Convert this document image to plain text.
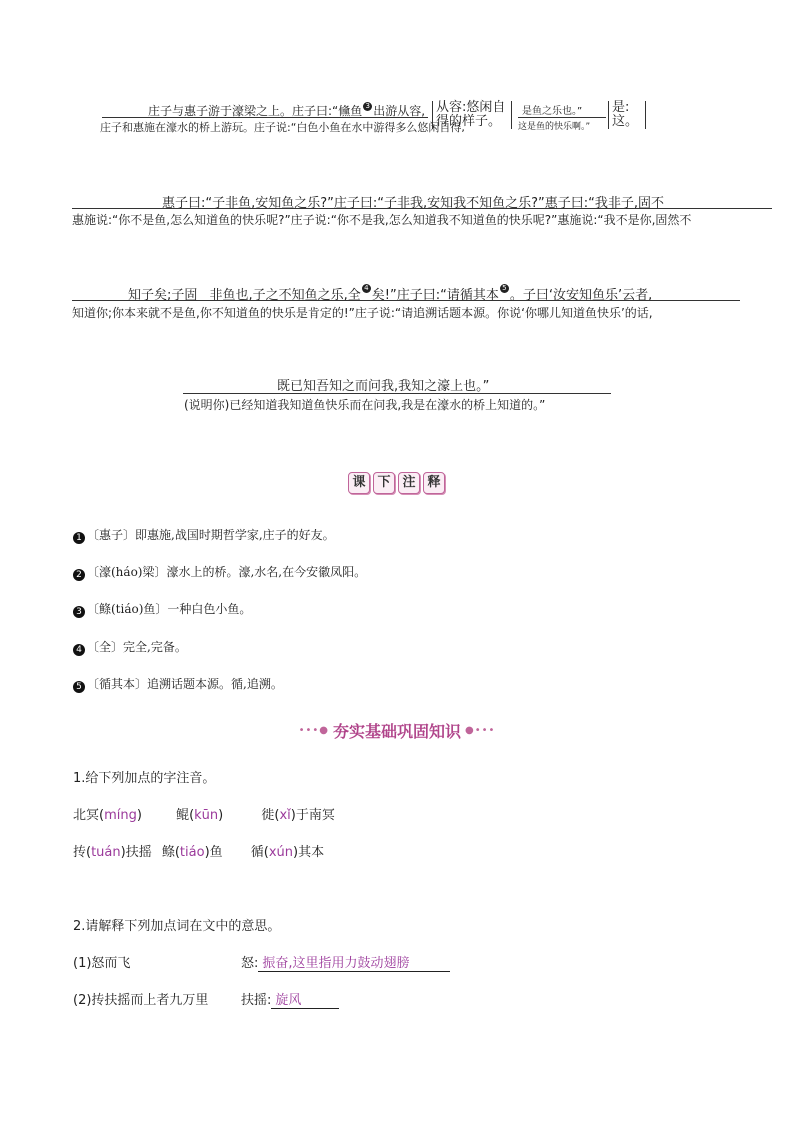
庄子与惠子游于濠梁之上。庄子曰:“儵鱼 $^3$ 出游从容,
庄子和惠施在濠水的桥上游玩。庄子说:“白色小鱼在水中游得多么悠闲自得,
从容:悠闲自得的样子。
是鱼之乐也。”
这是鱼的快乐啊。”
是:这。
惠子曰:“子非鱼,安知鱼之乐?”庄子曰:“子非我,安知我不知鱼之乐?”惠子曰:“我非子,固不
惠施说:“你不是鱼,怎么知道鱼的快乐呢?”庄子说:“你不是我,怎么知道我不知道鱼的快乐呢?”惠施说:“我不是你,固然不
知子矣;子固 非鱼也,子之不知鱼之乐,全 $^4$ 矣!”庄子曰:“请循其本 $^5$ 。子曰‘汝安知鱼乐’云者,
知道你;你本来就不是鱼,你不知道鱼的快乐是肯定的!”庄子说:“请追溯话题本源。你说‘你哪儿知道鱼快乐’的话,
既已知吾知之而问我,我知之濠上也。”
(说明你)已经知道我知道鱼快乐而在问我,我是在濠水的桥上知道的。”
课 下 注 释
1 〔惠子〕即惠施,战国时期哲学家,庄子的好友。
2 〔濠(háo)梁〕濠水上的桥。濠,水名,在今安徽凤阳。
3 〔鲦(tiáo)鱼〕一种白色小鱼。
4 〔全〕完全,完备。
5 〔循其本〕追溯话题本源。循,追溯。
•••● 夯实基础巩固知识 ●•••
1.给下列加点的字注音。
北冥(míng)	鲲(kūn)	徙(xǐ)于南冥
抟(tuán)扶摇 鲦(tiáo)鱼 循(xún)其本
2.请解释下列加点词在文中的意思。
(1)怒而飞	怒: 振奋,这里指用力鼓动翅膀
(2)抟扶摇而上者九万里	扶摇: 旋风
